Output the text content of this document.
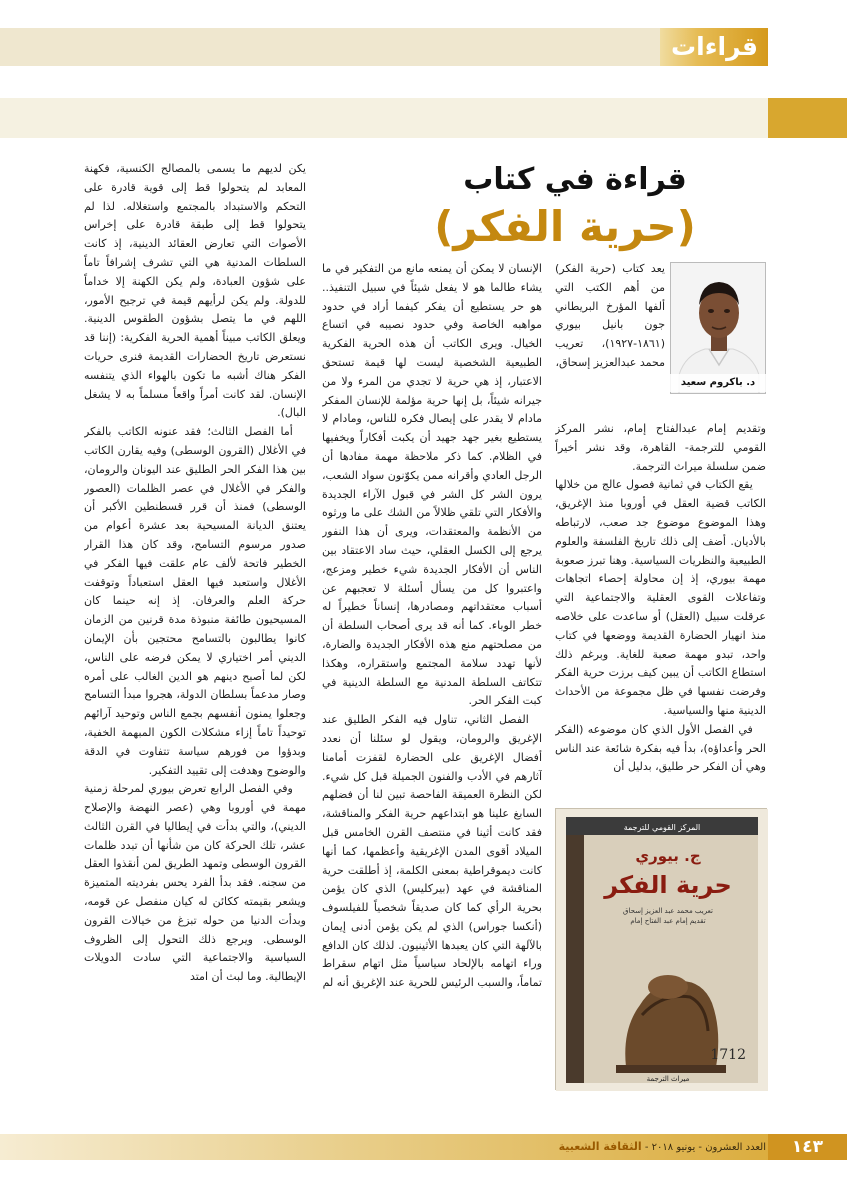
قراءات
قراءة في كتاب
(حرية الفكر)
د. باكروم سعيد

يعد كتاب (حرية الفكر) من أهم الكتب التي ألفها المؤرخ البريطاني جون بانيل بيوري (١٨٦١-١٩٢٧)، تعريب محمد عبدالعزيز إسحاق،

وتقديم إمام عبدالفتاح إمام، نشر المركز القومي للترجمة- القاهرة، وقد نشر أخيراً ضمن سلسلة ميراث الترجمة.

يقع الكتاب في ثمانية فصول عالج من خلالها الكاتب قضية العقل في أوروبا منذ الإغريق، وهذا الموضوع موضوع جد صعب، لارتباطه بالأديان. أضف إلى ذلك تاريخ الفلسفة والعلوم الطبيعية والنظريات السياسية. وهنا تبرز صعوبة مهمة بيوري، إذ إن محاولة إحصاء اتجاهات وتفاعلات القوى العقلية والاجتماعية التي عرقلت سبيل (العقل) أو ساعدت على خلاصه منذ انهيار الحضارة القديمة ووضعها في كتاب واحد، تبدو مهمة صعبة للغاية. وبرغم ذلك استطاع الكاتب أن يبين كيف برزت حرية الفكر وفرضت نفسها في ظل مجموعة من الأحداث الدينية منها والسياسية.

في الفصل الأول الذي كان موضوعه (الفكر الحر وأعداؤه)، بدأ فيه بفكرة شائعة عند الناس وهي أن الفكر حر طليق، بدليل أن

الإنسان لا يمكن أن يمنعه مانع من التفكير في ما يشاء طالما هو لا يفعل شيئاً في سبيل التنفيذ.. هو حر يستطيع أن يفكر كيفما أراد في حدود مواهبه الخاصة وفي حدود نصيبه في اتساع الخيال. ويرى الكاتب أن هذه الحرية الفكرية الطبيعية الشخصية ليست لها قيمة تستحق الاعتبار، إذ هي حرية لا تجدي من المرء ولا من جيرانه شيئاً، بل إنها حرية مؤلمة للإنسان المفكر مادام لا يقدر على إيصال فكره للناس، ومادام لا يستطيع بغير جهد جهيد أن يكبت أفكاراً ويخفيها في الظلام. كما ذكر ملاحظة مهمة مفادها أن الرجل العادي وأقرانه ممن يكوّنون سواد الشعب، يرون الشر كل الشر في قبول الآراء الجديدة والأفكار التي تلقي ظلالاً من الشك على ما ورثوه من الأنظمة والمعتقدات، ويرى أن هذا النفور يرجع إلى الكسل العقلي، حيث ساد الاعتقاد بين الناس أن الأفكار الجديدة شيء خطير ومزعج، واعتبروا كل من يسأل أسئلة لا تعجبهم عن أسباب معتقداتهم ومصادرها، إنساناً خطيراً له خطر الوباء. كما أنه قد يرى أصحاب السلطة أن من مصلحتهم منع هذه الأفكار الجديدة والضارة، لأنها تهدد سلامة المجتمع واستقراره، وهكذا تتكاتف السلطة المدنية مع السلطة الدينية في كبت الفكر الحر.

الفصل الثاني، تناول فيه الفكر الطليق عند الإغريق والرومان، ويقول لو سئلنا أن نعدد أفضال الإغريق على الحضارة لقفزت أمامنا آثارهم في الأدب والفنون الجميلة قبل كل شيء. لكن النظرة العميقة الفاحصة تبين لنا أن فضلهم السابغ علينا هو ابتداعهم حرية الفكر والمناقشة، فقد كانت أثينا في منتصف القرن الخامس قبل الميلاد أقوى المدن الإغريقية وأعظمها، كما أنها كانت ديموقراطية بمعنى الكلمة، إذ أطلقت حرية المناقشة في عهد (بيركليس) الذي كان يؤمن بحرية الرأي كما كان صديقاً شخصياً للفيلسوف (أنكسا جوراس) الذي لم يكن يؤمن أدنى إيمان بالآلهة التي كان يعبدها الأثينيون. لذلك كان الدافع وراء اتهامه بالإلحاد سياسياً مثل اتهام سقراط تماماً، والسبب الرئيس للحرية عند الإغريق أنه لم

يكن لديهم ما يسمى بالمصالح الكنسية، فكهنة المعابد لم يتحولوا قط إلى قوية قادرة على التحكم والاستبداد بالمجتمع واستغلاله. لذا لم يتحولوا قط إلى طبقة قادرة على إخراس الأصوات التي تعارض العقائد الدينية، إذ كانت السلطات المدنية هي التي تشرف إشرافاً تاماً على شؤون العبادة، ولم يكن الكهنة إلا خداماً للدولة. ولم يكن لرأيهم قيمة في ترجيح الأمور، اللهم في ما يتصل بشؤون الطقوس الدينية. ويعلق الكاتب مبيناً أهمية الحرية الفكرية: (إننا قد نستعرض تاريخ الحضارات القديمة فنرى حريات الفكر هناك أشبه ما تكون بالهواء الذي يتنفسه الإنسان. لقد كانت أمراً واقعاً مسلماً به لا يشغل البال).

أما الفصل الثالث؛ فقد عنونه الكاتب بالفكر في الأغلال (القرون الوسطى) وفيه يقارن الكاتب بين هذا الفكر الحر الطليق عند اليونان والرومان، والفكر في الأغلال في عصر الظلمات (العصور الوسطى) فمنذ أن قرر قسطنطين الأكبر أن يعتنق الديانة المسيحية بعد عشرة أعوام من صدور مرسوم التسامح، وقد كان هذا القرار الخطير فاتحة لألف عام علقت فيها الفكر في الأغلال واستعبد فيها العقل استعباداً وتوقفت حركة العلم والعرفان. إذ إنه حينما كان المسيحيون طائفة منبوذة مدة قرنين من الزمان كانوا يطالبون بالتسامح محتجين بأن الإيمان الديني أمر اختياري لا يمكن فرضه على الناس، لكن لما أصبح دينهم هو الدين الغالب على أمره وصار مدعماً بسلطان الدولة، هجروا مبدأ التسامح وجعلوا يمنون أنفسهم بجمع الناس وتوحيد آرائهم توحيداً تاماً إزاء مشكلات الكون المبهمة الخفية، وبدؤوا من فورهم سياسة تتفاوت في الدقة والوضوح وهدفت إلى تقييد التفكير.

وفي الفصل الرابع تعرض بيوري لمرحلة زمنية مهمة في أوروبا وهي (عصر النهضة والإصلاح الديني)، والتي بدأت في إيطاليا في القرن الثالث عشر، تلك الحركة كان من شأنها أن تبدد ظلمات القرون الوسطى وتمهد الطريق لمن أنقذوا العقل من سجنه. فقد بدأ الفرد يحس بفرديته المتميزة ويشعر بقيمته ككائن له كيان منفصل عن قومه، وبدأت الدنيا من حوله تبزغ من خيالات القرون الوسطى. ويرجع ذلك التحول إلى الظروف السياسية والاجتماعية التي سادت الدويلات الإيطالية. وما لبث أن امتد

المركز القومي للترجمة
ج. بيوري
حرية الفكر
تعريب محمد عبد العزيز إسحاق
تقديم إمام عبد الفتاح إمام
1712
ميراث الترجمة
العدد العشرون - يونيو ٢٠١٨ - الثقافة الشعبية	١٤٣
